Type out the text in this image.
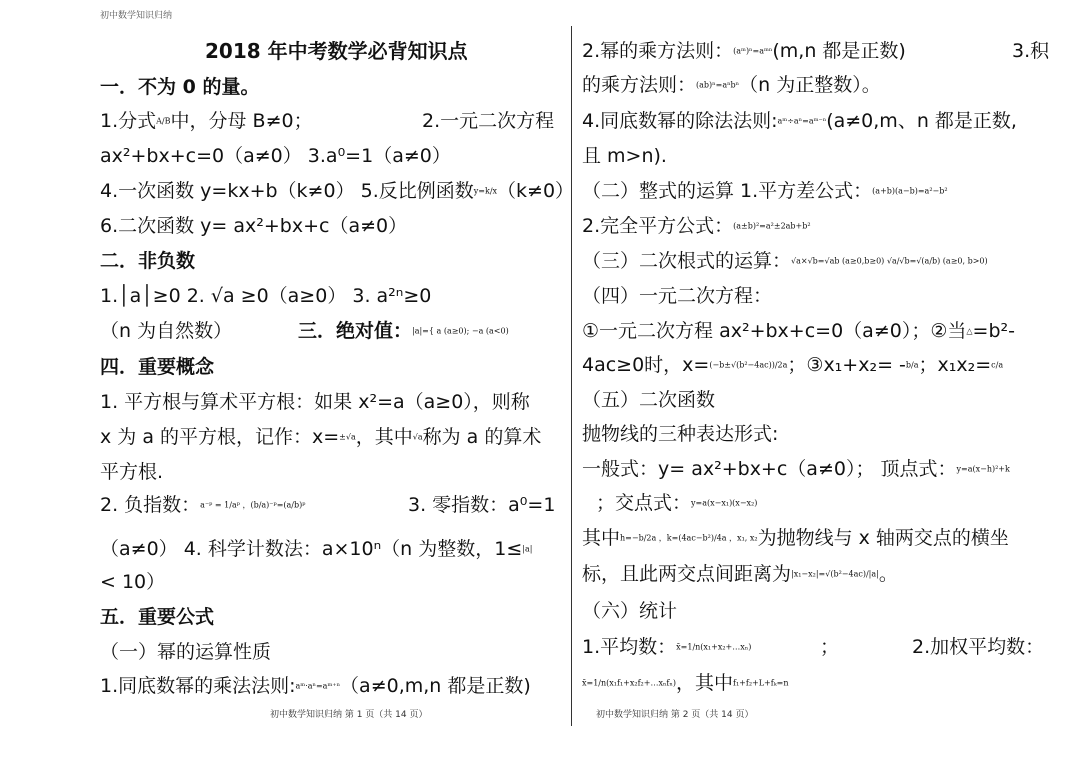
初中数学知识归纳
2018 年中考数学必背知识点
一．不为 0 的量。
1.分式A/B中，分母 B≠0；	2.一元二次方程
ax²+bx+c=0（a≠0） 3.a⁰=1（a≠0）
4.一次函数 y=kx+b（k≠0） 5.反比例函数y=k/x（k≠0）
6.二次函数 y= ax²+bx+c（a≠0）
二．非负数
1.│a│≥0 2. √a ≥0（a≥0） 3. a²ⁿ≥0
（n 为自然数）	三．绝对值：|a|={ a (a≥0); −a (a<0)
四．重要概念
1. 平方根与算术平方根：如果 x²=a（a≥0），则称
x 为 a 的平方根，记作：x=±√a，其中√a称为 a 的算术
平方根.
2. 负指数：a⁻ᵖ = 1/aᵖ ，(b/a)⁻ᵖ=(a/b)ᵖ	3. 零指数：a⁰=1
（a≠0） 4. 科学计数法：a×10ⁿ（n 为整数，1≤|a|
< 10）
五．重要公式
（一）幂的运算性质
1.同底数幂的乘法法则:aᵐ·aⁿ=aᵐ⁺ⁿ（a≠0,m,n 都是正数)
初中数学知识归纳 第 1 页（共 14 页）
2.幂的乘方法则：(aᵐ)ⁿ=aᵐⁿ(m,n 都是正数)	3.积
的乘方法则：(ab)ⁿ=aⁿbⁿ（n 为正整数）。
4.同底数幂的除法法则:aᵐ÷aⁿ=aᵐ⁻ⁿ(a≠0,m、n 都是正数,
且 m>n).
（二）整式的运算 1.平方差公式：(a+b)(a−b)=a²−b²
2.完全平方公式：(a±b)²=a²±2ab+b²
（三）二次根式的运算：√a×√b=√ab (a≥0,b≥0) √a/√b=√(a/b) (a≥0, b>0)
（四）一元二次方程：
①一元二次方程 ax²+bx+c=0（a≠0）；②当△=b²-
4ac≥0时，x=(−b±√(b²−4ac))/2a；③x₁+x₂= -b/a；x₁x₂=c/a
（五）二次函数
抛物线的三种表达形式:
一般式：y= ax²+bx+c（a≠0）； 顶点式：y=a(x−h)²+k
；交点式：y=a(x−x₁)(x−x₂)
其中h=−b/2a ，k=(4ac−b²)/4a ，x₁, x₂为抛物线与 x 轴两交点的横坐
标，且此两交点间距离为|x₁−x₂|=√(b²−4ac)/|a|。
（六）统计
1.平均数：x̄=1/n(x₁+x₂+…xₙ)	；	2.加权平均数：
x̄=1/n(x₁f₁+x₂f₂+…xₙfₙ)，其中f₁+f₂+L+fₖ=n
初中数学知识归纳 第 2 页（共 14 页）
